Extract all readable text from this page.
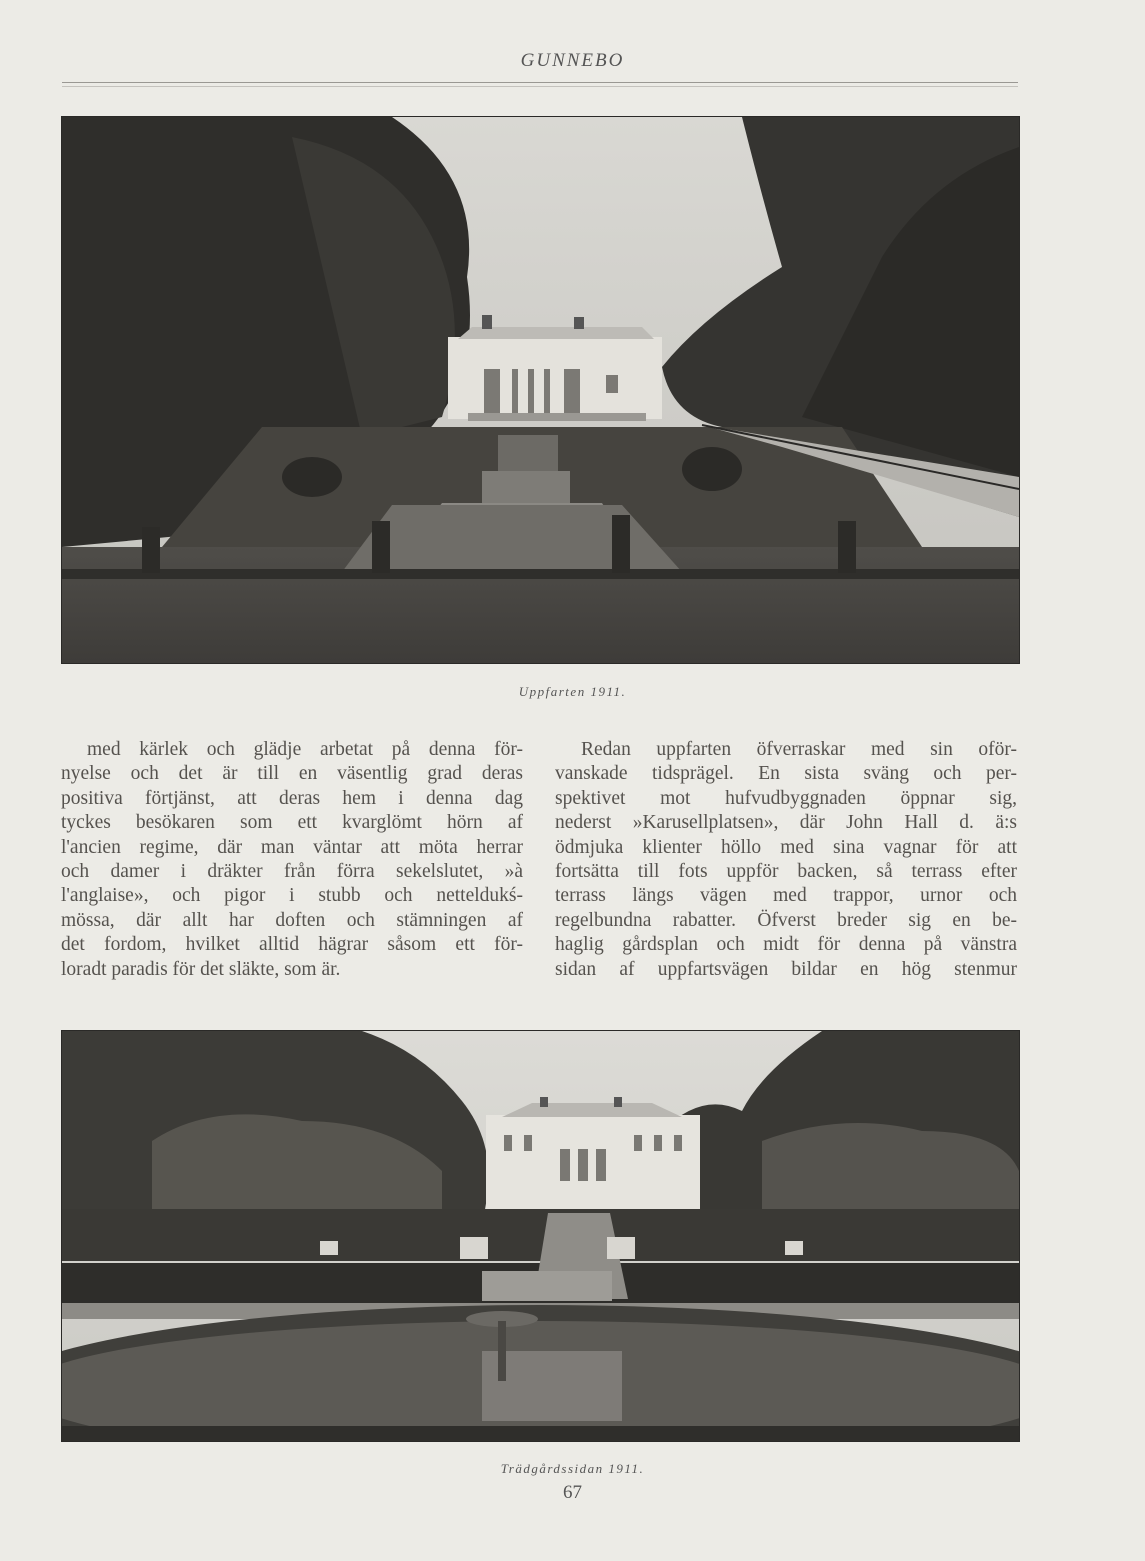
GUNNEBO
Uppfarten 1911.
med kärlek och glädje arbetat på denna för-
nyelse och det är till en väsentlig grad deras
positiva förtjänst, att deras hem i denna dag
tyckes besökaren som ett kvarglömt hörn af
l'ancien regime, där man väntar att möta herrar
och damer i dräkter från förra sekelslutet, »à
l'anglaise», och pigor i stubb och netteldukś-
mössa, där allt har doften och stämningen af
det fordom, hvilket alltid hägrar såsom ett för-
loradt paradis för det släkte, som är.
Redan uppfarten öfverraskar med sin oför-
vanskade tidsprägel. En sista sväng och per-
spektivet mot hufvudbyggnaden öppnar sig,
nederst »Karusellplatsen», där John Hall d. ä:s
ödmjuka klienter höllo med sina vagnar för att
fortsätta till fots uppför backen, så terrass efter
terrass längs vägen med trappor, urnor och
regelbundna rabatter. Öfverst breder sig en be-
haglig gårdsplan och midt för denna på vänstra
sidan af uppfartsvägen bildar en hög stenmur
Trädgårdssidan 1911.
67
